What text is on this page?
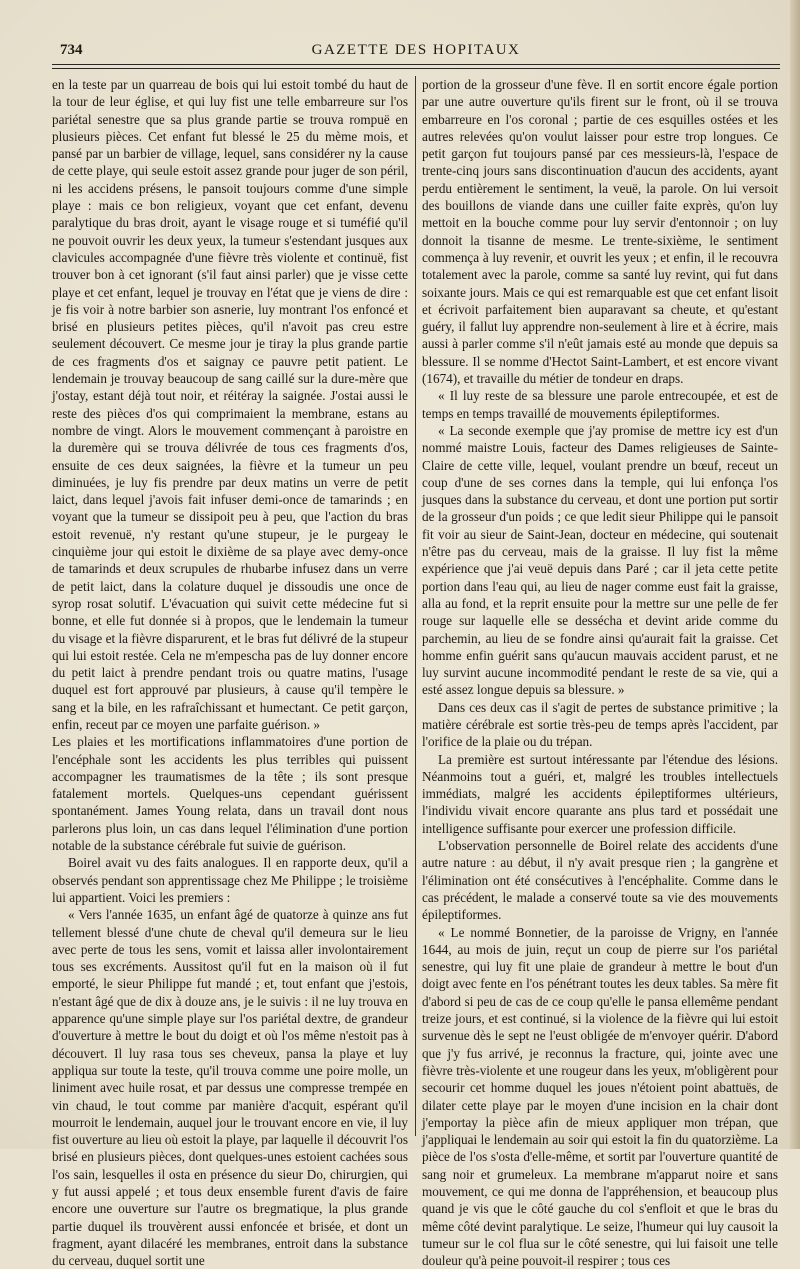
734	GAZETTE DES HOPITAUX

en la teste par un quarreau de bois qui lui estoit tombé du haut de la tour de leur église, et qui luy fist une telle embarreure sur l'os pariétal senestre que sa plus grande partie se trouva rompuë en plusieurs pièces. Cet enfant fut blessé le 25 du mème mois, et pansé par un barbier de village, lequel, sans considérer ny la cause de cette playe, qui seule estoit assez grande pour juger de son péril, ni les accidens présens, le pansoit toujours comme d'une simple playe : mais ce bon religieux, voyant que cet enfant, devenu paralytique du bras droit, ayant le visage rouge et si tuméfié qu'il ne pouvoit ouvrir les deux yeux, la tumeur s'estendant jusques aux clavicules accompagnée d'une fièvre très violente et continuë, fist trouver bon à cet ignorant (s'il faut ainsi parler) que je visse cette playe et cet enfant, lequel je trouvay en l'état que je viens de dire : je fis voir à notre barbier son asnerie, luy montrant l'os enfoncé et brisé en plusieurs petites pièces, qu'il n'avoit pas creu estre seulement découvert. Ce mesme jour je tiray la plus grande partie de ces fragments d'os et saignay ce pauvre petit patient. Le lendemain je trouvay beaucoup de sang caillé sur la dure-mère que j'ostay, estant déjà tout noir, et réitéray la saignée. J'ostai aussi le reste des pièces d'os qui comprimaient la membrane, estans au nombre de vingt. Alors le mouvement commençant à paroistre en la duremère qui se trouva délivrée de tous ces fragments d'os, ensuite de ces deux saignées, la fièvre et la tumeur un peu diminuées, je luy fis prendre par deux matins un verre de petit laict, dans lequel j'avois fait infuser demi-once de tamarinds ; en voyant que la tumeur se dissipoit peu à peu, que l'action du bras estoit revenuë, n'y restant qu'une stupeur, je le purgeay le cinquième jour qui estoit le dixième de sa playe avec demy-once de tamarinds et deux scrupules de rhubarbe infusez dans un verre de petit laict, dans la colature duquel je dissoudis une once de syrop rosat solutif. L'évacuation qui suivit cette médecine fut si bonne, et elle fut donnée si à propos, que le lendemain la tumeur du visage et la fièvre disparurent, et le bras fut délivré de la stupeur qui lui estoit restée. Cela ne m'empescha pas de luy donner encore du petit laict à prendre pendant trois ou quatre matins, l'usage duquel est fort approuvé par plusieurs, à cause qu'il tempère le sang et la bile, en les rafraîchissant et humectant. Ce petit garçon, enfin, receut par ce moyen une parfaite guérison. »

Les plaies et les mortifications inflammatoires d'une portion de l'encéphale sont les accidents les plus terribles qui puissent accompagner les traumatismes de la tête ; ils sont presque fatalement mortels. Quelques-uns cependant guérissent spontanément. James Young relata, dans un travail dont nous parlerons plus loin, un cas dans lequel l'élimination d'une portion notable de la substance cérébrale fut suivie de guérison.

Boirel avait vu des faits analogues. Il en rapporte deux, qu'il a observés pendant son apprentissage chez Me Philippe ; le troisième lui appartient. Voici les premiers :

« Vers l'année 1635, un enfant âgé de quatorze à quinze ans fut tellement blessé d'une chute de cheval qu'il demeura sur le lieu avec perte de tous les sens, vomit et laissa aller involontairement tous ses excréments. Aussitost qu'il fut en la maison où il fut emporté, le sieur Philippe fut mandé ; et, tout enfant que j'estois, n'estant âgé que de dix à douze ans, je le suivis : il ne luy trouva en apparence qu'une simple playe sur l'os pariétal dextre, de grandeur d'ouverture à mettre le bout du doigt et où l'os même n'estoit pas à découvert. Il luy rasa tous ses cheveux, pansa la playe et luy appliqua sur toute la teste, qu'il trouva comme une poire molle, un liniment avec huile rosat, et par dessus une compresse trempée en vin chaud, le tout comme par manière d'acquit, espérant qu'il mourroit le lendemain, auquel jour le trouvant encore en vie, il luy fist ouverture au lieu où estoit la playe, par laquelle il découvrit l'os brisé en plusieurs pièces, dont quelques-unes estoient cachées sous l'os sain, lesquelles il osta en présence du sieur Do, chirurgien, qui y fut aussi appelé ; et tous deux ensemble furent d'avis de faire encore une ouverture sur l'autre os bregmatique, la plus grande partie duquel ils trouvèrent aussi enfoncée et brisée, et dont un fragment, ayant dilacéré les membranes, entroit dans la substance du cerveau, duquel sortit une

portion de la grosseur d'une fève. Il en sortit encore égale portion par une autre ouverture qu'ils firent sur le front, où il se trouva embarreure en l'os coronal ; partie de ces esquilles ostées et les autres relevées qu'on voulut laisser pour estre trop longues. Ce petit garçon fut toujours pansé par ces messieurs-là, l'espace de trente-cinq jours sans discontinuation d'aucun des accidents, ayant perdu entièrement le sentiment, la veuë, la parole. On lui versoit des bouillons de viande dans une cuiller faite exprès, qu'on luy mettoit en la bouche comme pour luy servir d'entonnoir ; on luy donnoit la tisanne de mesme. Le trente-sixième, le sentiment commença à luy revenir, et ouvrit les yeux ; et enfin, il le recouvra totalement avec la parole, comme sa santé luy revint, qui fut dans soixante jours. Mais ce qui est remarquable est que cet enfant lisoit et écrivoit parfaitement bien auparavant sa cheute, et qu'estant guéry, il fallut luy apprendre non-seulement à lire et à écrire, mais aussi à parler comme s'il n'eût jamais esté au monde que depuis sa blessure. Il se nomme d'Hectot Saint-Lambert, et est encore vivant (1674), et travaille du métier de tondeur en draps.

« Il luy reste de sa blessure une parole entrecoupée, et est de temps en temps travaillé de mouvements épileptiformes.

« La seconde exemple que j'ay promise de mettre icy est d'un nommé maistre Louis, facteur des Dames religieuses de Sainte-Claire de cette ville, lequel, voulant prendre un bœuf, receut un coup d'une de ses cornes dans la temple, qui lui enfonça l'os jusques dans la substance du cerveau, et dont une portion put sortir de la grosseur d'un poids ; ce que ledit sieur Philippe qui le pansoit fit voir au sieur de Saint-Jean, docteur en médecine, qui soutenait n'être pas du cerveau, mais de la graisse. Il luy fist la même expérience que j'ai veuë depuis dans Paré ; car il jeta cette petite portion dans l'eau qui, au lieu de nager comme eust fait la graisse, alla au fond, et la reprit ensuite pour la mettre sur une pelle de fer rouge sur laquelle elle se dessécha et devint aride comme du parchemin, au lieu de se fondre ainsi qu'aurait fait la graisse. Cet homme enfin guérit sans qu'aucun mauvais accident parust, et ne luy survint aucune incommodité pendant le reste de sa vie, qui a esté assez longue depuis sa blessure. »

Dans ces deux cas il s'agit de pertes de substance primitive ; la matière cérébrale est sortie très-peu de temps après l'accident, par l'orifice de la plaie ou du trépan.

La première est surtout intéressante par l'étendue des lésions. Néanmoins tout a guéri, et, malgré les troubles intellectuels immédiats, malgré les accidents épileptiformes ultérieurs, l'individu vivait encore quarante ans plus tard et possédait une intelligence suffisante pour exercer une profession difficile.

L'observation personnelle de Boirel relate des accidents d'une autre nature : au début, il n'y avait presque rien ; la gangrène et l'élimination ont été consécutives à l'encéphalite. Comme dans le cas précédent, le malade a conservé toute sa vie des mouvements épileptiformes.

« Le nommé Bonnetier, de la paroisse de Vrigny, en l'année 1644, au mois de juin, reçut un coup de pierre sur l'os pariétal senestre, qui luy fit une plaie de grandeur à mettre le bout d'un doigt avec fente en l'os pénétrant toutes les deux tables. Sa mère fit d'abord si peu de cas de ce coup qu'elle le pansa ellemême pendant treize jours, et est continué, si la violence de la fièvre qui lui estoit survenue dès le sept ne l'eust obligée de m'envoyer quérir. D'abord que j'y fus arrivé, je reconnus la fracture, qui, jointe avec une fièvre très-violente et une rougeur dans les yeux, m'obligèrent pour secourir cet homme duquel les joues n'étoient point abattuës, de dilater cette playe par le moyen d'une incision en la chair dont j'emportay la pièce afin de mieux appliquer mon trépan, que j'appliquai le lendemain au soir qui estoit la fin du quatorzième. La pièce de l'os s'osta d'elle-même, et sortit par l'ouverture quantité de sang noir et grumeleux. La membrane m'apparut noire et sans mouvement, ce qui me donna de l'appréhension, et beaucoup plus quand je vis que le côté gauche du col s'enfloit et que le bras du même côté devint paralytique. Le seize, l'humeur qui luy causoit la tumeur sur le col flua sur le côté senestre, qui lui faisoit une telle douleur qu'à peine pouvoit-il respirer ; tous ces
